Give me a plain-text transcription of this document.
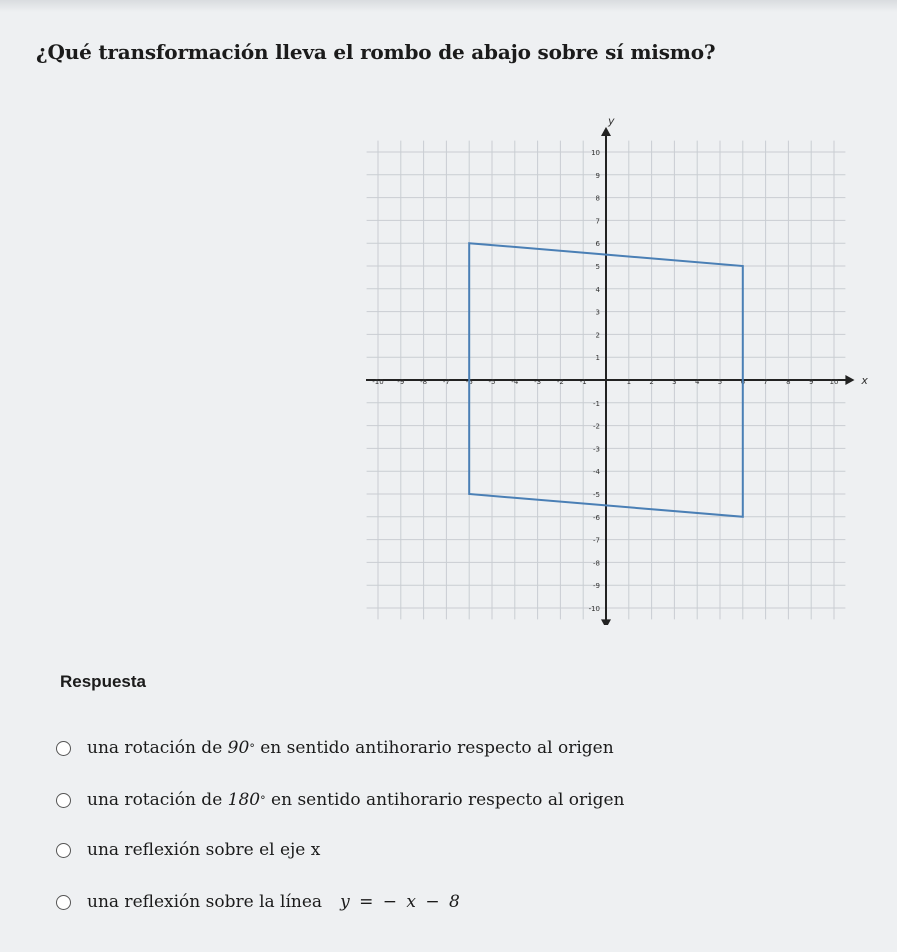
¿Qué transformación lleva el rombo de abajo sobre sí mismo?
x
y
-10 -9 -8 -7 -6 -5 -4 -3 -2 -1	1	2	3	4	5	6	7	8	9 10
10
9
8
7
6
5
4
3
2
1
-1
-2
-3
-4
-5
-6
-7
-8
-9
-10
Respuesta
una rotación de
90 °
en sentido antihorario respecto al origen
una rotación de
180 °
en sentido antihorario respecto al origen
una reflexión sobre el eje x
una reflexión sobre la línea y = − x − 8
